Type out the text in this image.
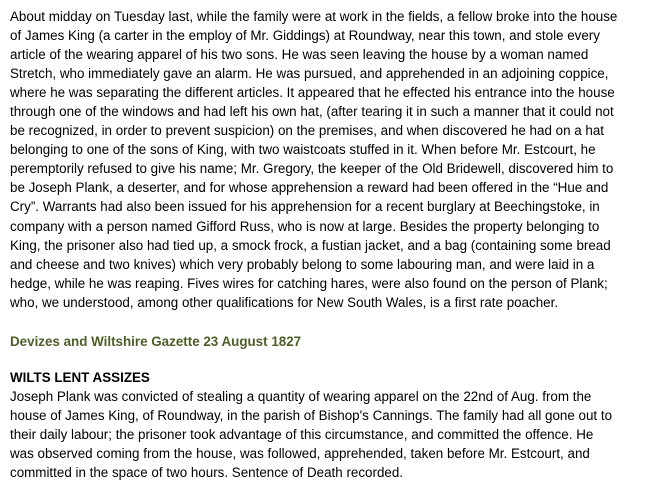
About midday on Tuesday last, while the family were at work in the fields, a fellow broke into the house
of James King (a carter in the employ of Mr. Giddings) at Roundway, near this town, and stole every
article of the wearing apparel of his two sons. He was seen leaving the house by a woman named
Stretch, who immediately gave an alarm. He was pursued, and apprehended in an adjoining coppice,
where he was separating the different articles. It appeared that he effected his entrance into the house
through one of the windows and had left his own hat, (after tearing it in such a manner that it could not
be recognized, in order to prevent suspicion) on the premises, and when discovered he had on a hat
belonging to one of the sons of King, with two waistcoats stuffed in it. When before Mr. Estcourt, he
peremptorily refused to give his name; Mr. Gregory, the keeper of the Old Bridewell, discovered him to
be Joseph Plank, a deserter, and for whose apprehension a reward had been offered in the “Hue and
Cry”. Warrants had also been issued for his apprehension for a recent burglary at Beechingstoke, in
company with a person named Gifford Russ, who is now at large. Besides the property belonging to
King, the prisoner also had tied up, a smock frock, a fustian jacket, and a bag (containing some bread
and cheese and two knives) which very probably belong to some labouring man, and were laid in a
hedge, while he was reaping. Fives wires for catching hares, were also found on the person of Plank;
who, we understood, among other qualifications for New South Wales, is a first rate poacher.

Devizes and Wiltshire Gazette 23 August 1827
WILTS LENT ASSIZES

Joseph Plank was convicted of stealing a quantity of wearing apparel on the 22nd of Aug. from the
house of James King, of Roundway, in the parish of Bishop's Cannings. The family had all gone out to
their daily labour; the prisoner took advantage of this circumstance, and committed the offence. He
was observed coming from the house, was followed, apprehended, taken before Mr. Estcourt, and
committed in the space of two hours. Sentence of Death recorded.
